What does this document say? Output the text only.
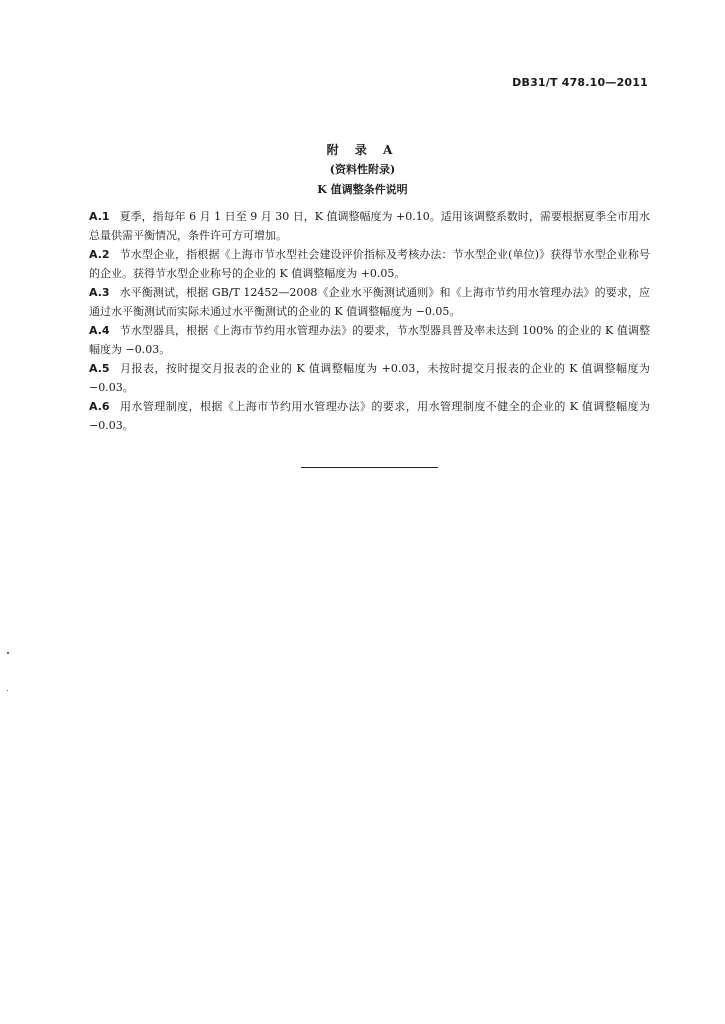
DB31/T 478.10—2011
附 录 A
(资料性附录)
K 值调整条件说明

A.1 夏季，指每年 6 月 1 日至 9 月 30 日，K 值调整幅度为 +0.10。适用该调整系数时，需要根据夏季全市用水总量供需平衡情况，条件许可方可增加。

A.2 节水型企业，指根据《上海市节水型社会建设评价指标及考核办法：节水型企业(单位)》获得节水型企业称号的企业。获得节水型企业称号的企业的 K 值调整幅度为 +0.05。

A.3 水平衡测试，根据 GB/T 12452—2008《企业水平衡测试通则》和《上海市节约用水管理办法》的要求，应通过水平衡测试而实际未通过水平衡测试的企业的 K 值调整幅度为 −0.05。

A.4 节水型器具，根据《上海市节约用水管理办法》的要求，节水型器具普及率未达到 100% 的企业的 K 值调整幅度为 −0.03。

A.5 月报表，按时提交月报表的企业的 K 值调整幅度为 +0.03，未按时提交月报表的企业的 K 值调整幅度为 −0.03。

A.6 用水管理制度，根据《上海市节约用水管理办法》的要求，用水管理制度不健全的企业的 K 值调整幅度为 −0.03。
